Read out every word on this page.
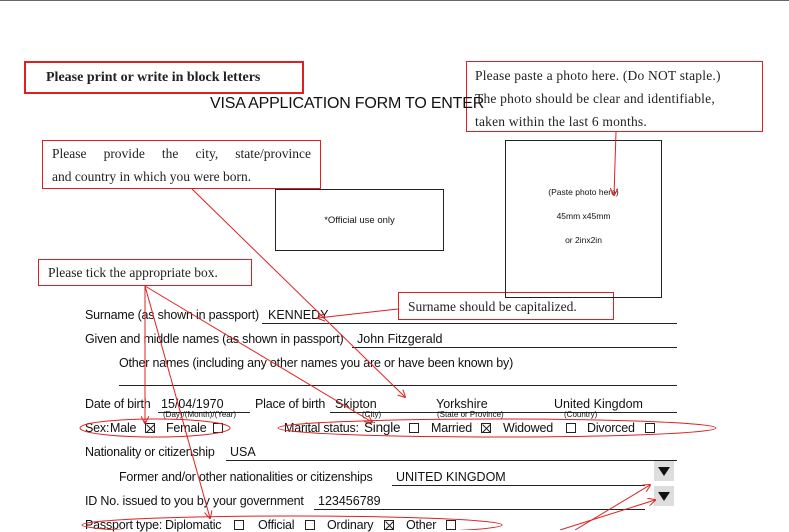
Please print or write in block letters	Please paste a photo here. (Do NOT staple.)
The photo should be clear and identifiable,
taken within the last 6 months.
Please provide the city, state/province
and country in which you were born.
Please tick the appropriate box.
Surname should be capitalized.
VISA APPLICATION FORM TO ENTER
*Official use only
(Paste photo here)
45mm x45mm
or 2inx2in
Surname (as shown in passport) KENNEDY
Given and middle names (as shown in passport) John Fitzgerald
Other names (including any other names you are or have been known by)
Date of birth 15/04/1970
(Day)/(Month)/(Year)
Place of birth Skipton	Yorkshire	United Kingdom
(City)	(State or Province)	(Country)
Sex: Male Female	Marital status: Single Married Widowed	Divorced
Nationality or citizenship USA
Former and/or other nationalities or citizenships UNITED KINGDOM
ID No. issued to you by your government 123456789
Passport type: Diplomatic	Official	Ordinary	Other
